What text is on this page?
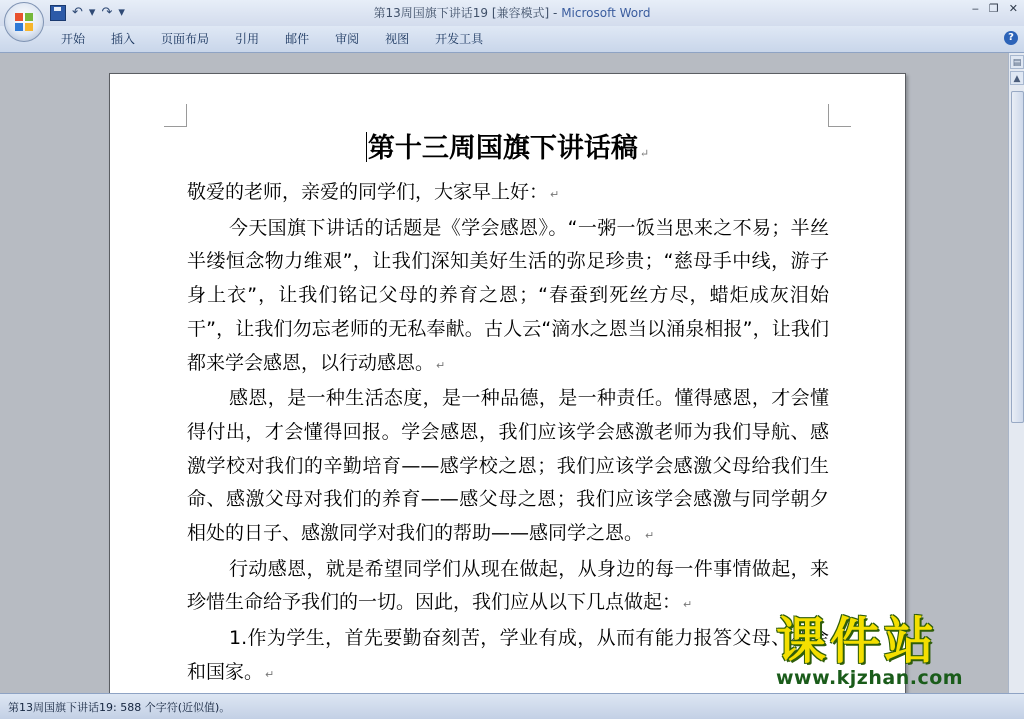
↶ ▾ ↷ ▾	第13周国旗下讲话19 [兼容模式] - Microsoft Word	‒ ❐ ✕
开始	插入	页面布局	引用	邮件	审阅	视图	开发工具	?
第十三周国旗下讲话稿 ↵

敬爱的老师，亲爱的同学们，大家早上好： ↵

今天国旗下讲话的话题是《学会感恩》。“一粥一饭当思来之不易；半丝半缕恒念物力维艰”，让我们深知美好生活的弥足珍贵；“慈母手中线，游子身上衣”，让我们铭记父母的养育之恩；“春蚕到死丝方尽，蜡炬成灰泪始干”，让我们勿忘老师的无私奉献。古人云“滴水之恩当以涌泉相报”，让我们都来学会感恩，以行动感恩。 ↵

感恩，是一种生活态度，是一种品德，是一种责任。懂得感恩，才会懂得付出，才会懂得回报。学会感恩，我们应该学会感激老师为我们导航、感激学校对我们的辛勤培育——感学校之恩；我们应该学会感激父母给我们生命、感激父母对我们的养育——感父母之恩；我们应该学会感激与同学朝夕相处的日子、感激同学对我们的帮助——感同学之恩。 ↵

行动感恩，就是希望同学们从现在做起，从身边的每一件事情做起，来珍惜生命给予我们的一切。因此，我们应从以下几点做起： ↵

1.作为学生，首先要勤奋刻苦，学业有成，从而有能力报答父母、社会和国家。 ↵

▤
▲
第13周国旗下讲话19: 588 个字符(近似值)。
课件站
www.kjzhan.com
